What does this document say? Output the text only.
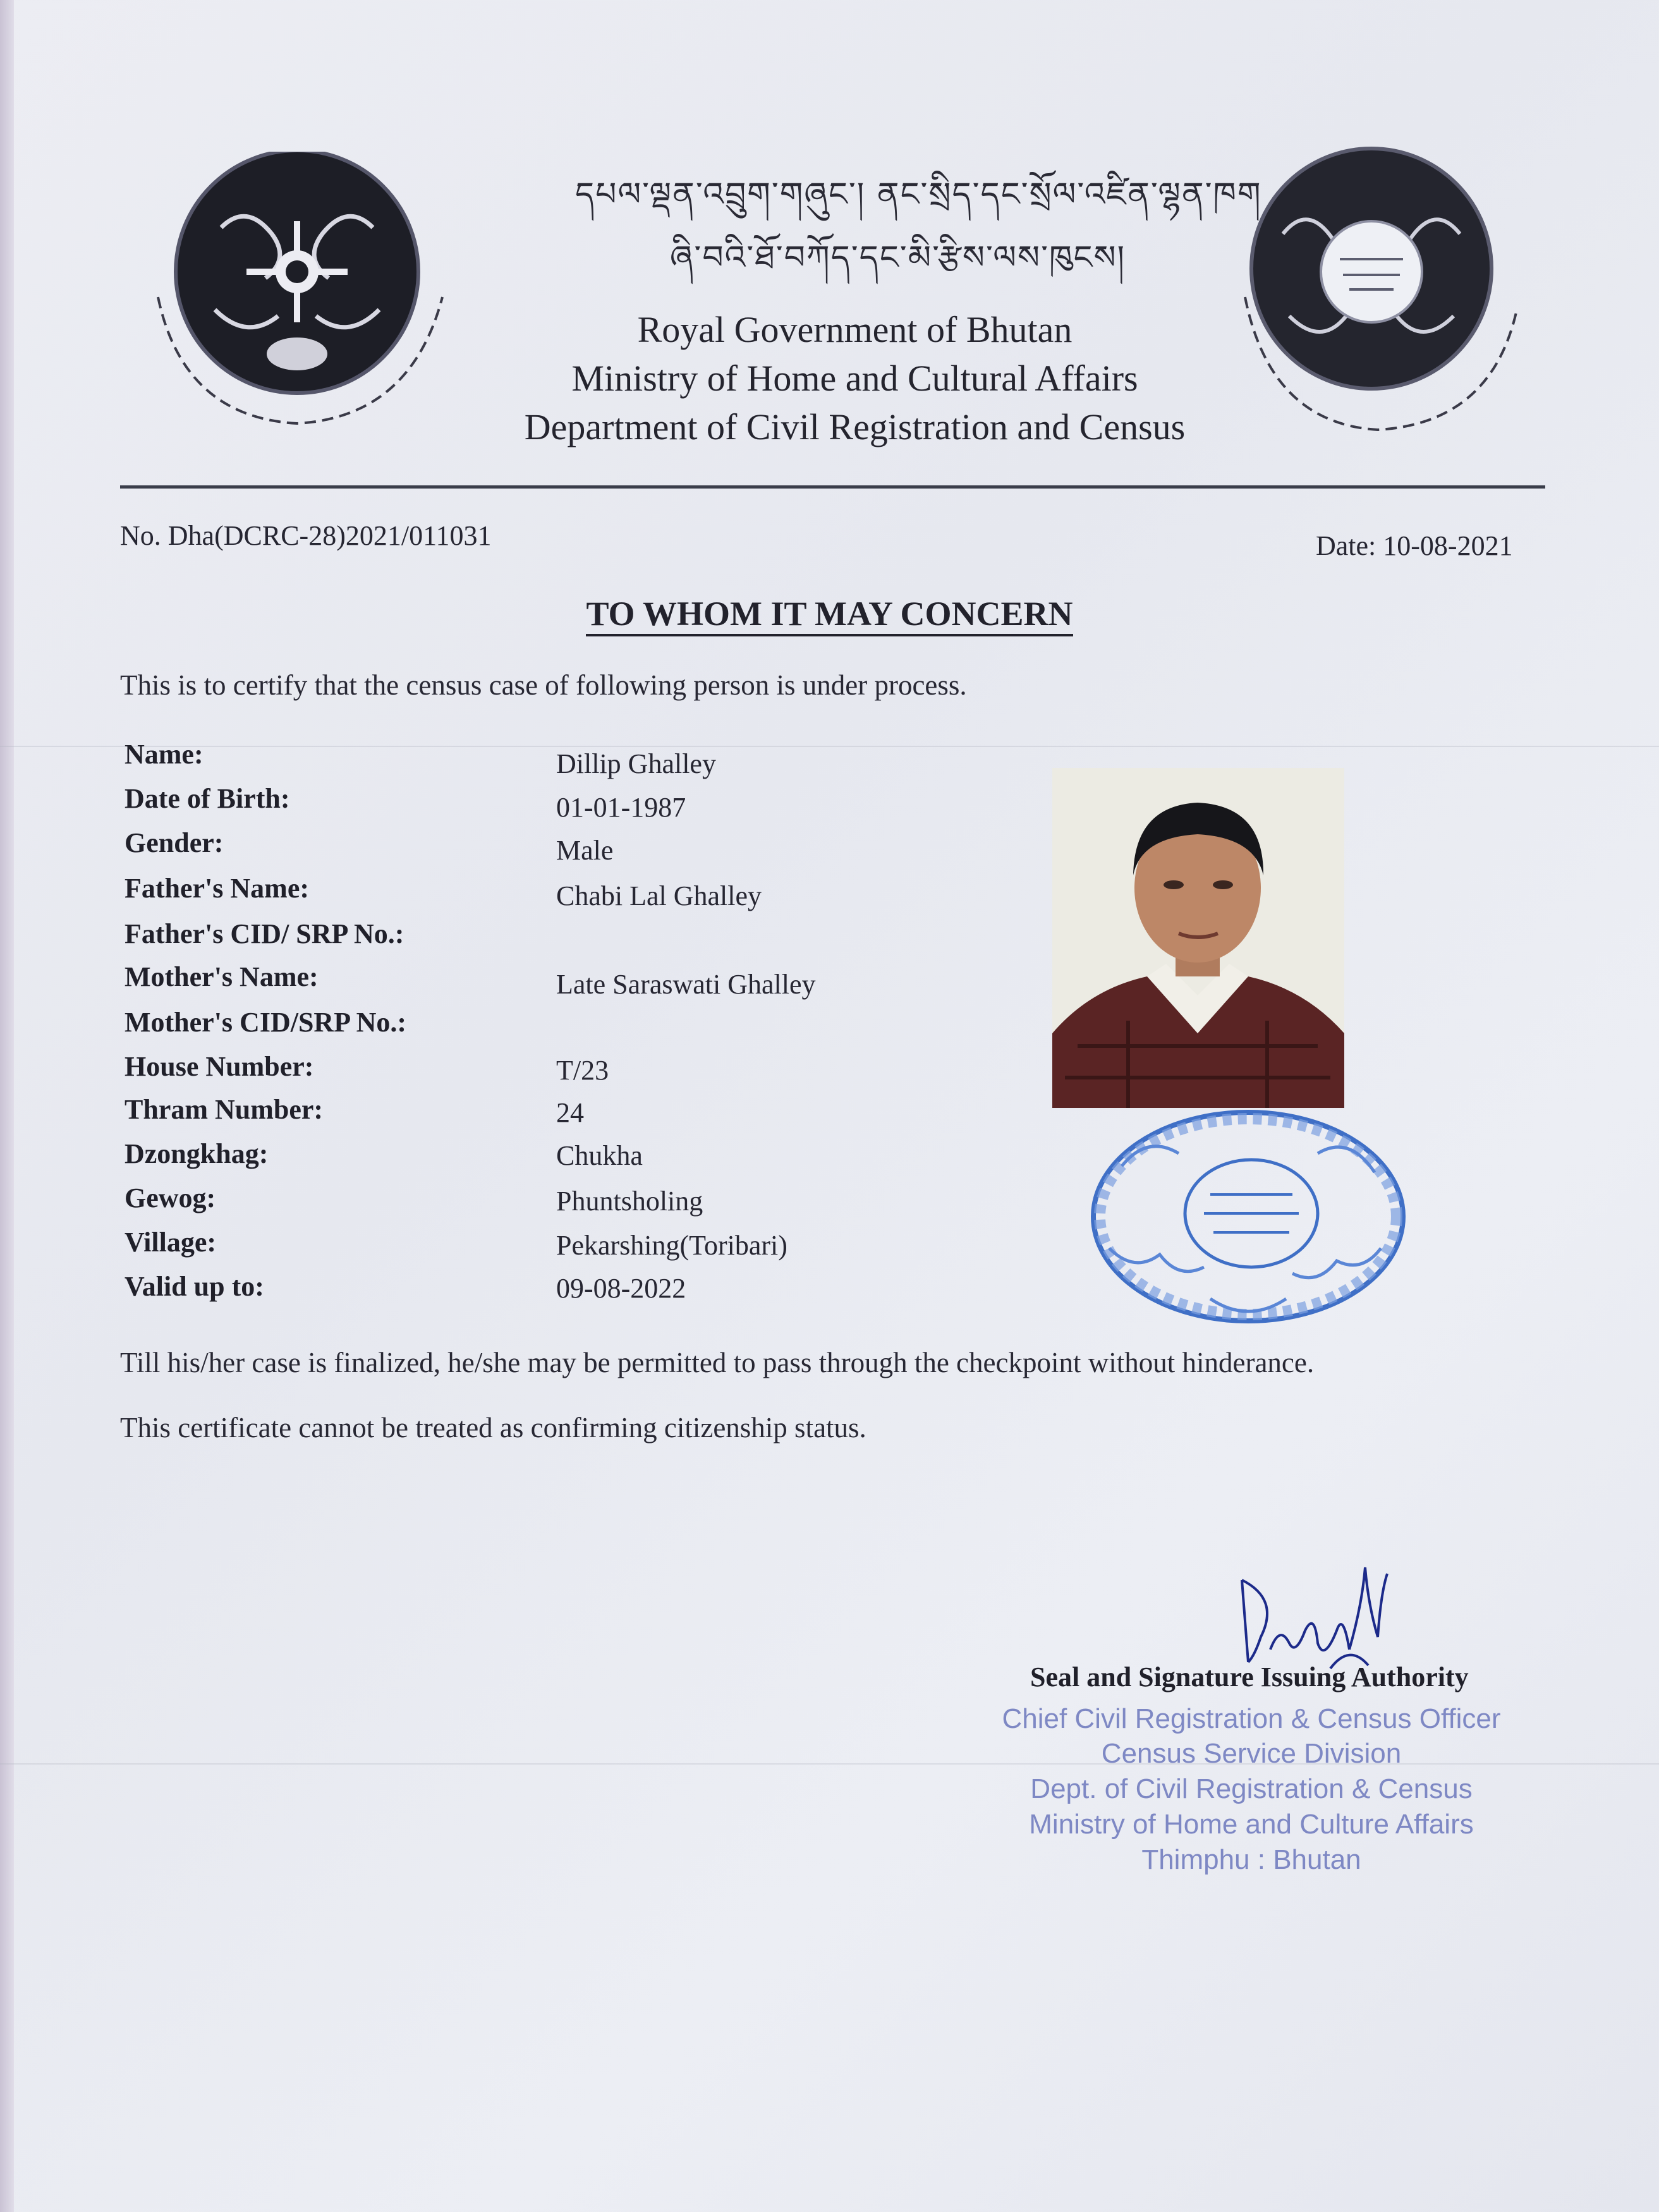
དཔལ་ལྡན་འབྲུག་གཞུང་། ནང་སྲིད་དང་སྲོལ་འཛིན་ལྷན་ཁག
ཞི་བའི་ཐོ་བཀོད་དང་མི་རྩིས་ལས་ཁུངས།
Royal Government of Bhutan
Ministry of Home and Cultural Affairs
Department of Civil Registration and Census
No. Dha(DCRC-28)2021/011031	Date: 10-08-2021
TO WHOM IT MAY CONCERN
This is to certify that the census case of following person is under process.
Name:	Dillip Ghalley
Date of Birth:	01-01-1987
Gender:	Male
Father's Name:	Chabi Lal Ghalley
Father's CID/ SRP No.:
Mother's Name:	Late Saraswati Ghalley
Mother's CID/SRP No.:
House Number:	T/23
Thram Number:	24
Dzongkhag:	Chukha
Gewog:	Phuntsholing
Village:	Pekarshing(Toribari)
Valid up to:	09-08-2022
Till his/her case is finalized, he/she may be permitted to pass through the checkpoint without hinderance.
This certificate cannot be treated as confirming citizenship status.
Seal and Signature Issuing Authority
Chief Civil Registration & Census Officer
Census Service Division
Dept. of Civil Registration & Census
Ministry of Home and Culture Affairs
Thimphu : Bhutan
